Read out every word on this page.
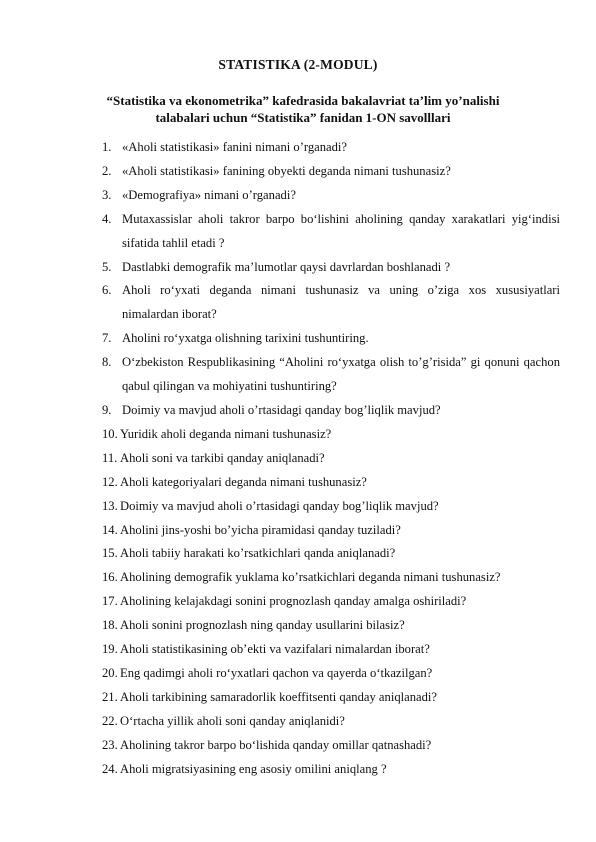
STATISTIKA (2-MODUL)
“Statistika va ekonometrika” kafedrasida bakalavriat ta’lim yo’nalishi talabalari uchun “Statistika” fanidan 1-ON savolllari
1. «Aholi statistikasi» fanini nimani o’rganadi?
2. «Aholi statistikasi» fanining obyekti deganda nimani tushunasiz?
3. «Demografiya» nimani o’rganadi?
4. Mutaxassislar aholi takror barpo bo‘lishini aholining qanday xarakatlari yig‘indisi sifatida tahlil etadi ?
5. Dastlabki demografik ma’lumotlar qaysi davrlardan boshlanadi ?
6. Aholi ro‘yxati deganda nimani tushunasiz va uning o’ziga xos xususiyatlari nimalardan iborat?
7. Aholini ro‘yxatga olishning tarixini tushuntiring.
8. O‘zbekiston Respublikasining “Aholini ro‘yxatga olish to’g’risida” gi qonuni qachon qabul qilingan va mohiyatini tushuntiring?
9. Doimiy va mavjud aholi o’rtasidagi qanday bog’liqlik mavjud?
10. Yuridik aholi deganda nimani tushunasiz?
11. Aholi soni va tarkibi qanday aniqlanadi?
12. Aholi kategoriyalari deganda nimani tushunasiz?
13. Doimiy va mavjud aholi o’rtasidagi qanday bog’liqlik mavjud?
14. Aholini jins-yoshi bo’yicha piramidasi qanday tuziladi?
15. Aholi tabiiy harakati ko’rsatkichlari qanda aniqlanadi?
16. Aholining demografik yuklama ko’rsatkichlari deganda nimani tushunasiz?
17. Aholining kelajakdagi sonini prognozlash qanday amalga oshiriladi?
18. Aholi sonini prognozlash ning qanday usullarini bilasiz?
19. Aholi statistikasining ob’ekti va vazifalari nimalardan iborat?
20. Eng qadimgi aholi ro‘yxatlari qachon va qayerda o‘tkazilgan?
21. Aholi tarkibining samaradorlik koeffitsenti qanday aniqlanadi?
22. O‘rtacha yillik aholi soni qanday aniqlanidi?
23. Aholining takror barpo bo‘lishida qanday omillar qatnashadi?
24. Aholi migratsiyasining eng asosiy omilini aniqlang ?
